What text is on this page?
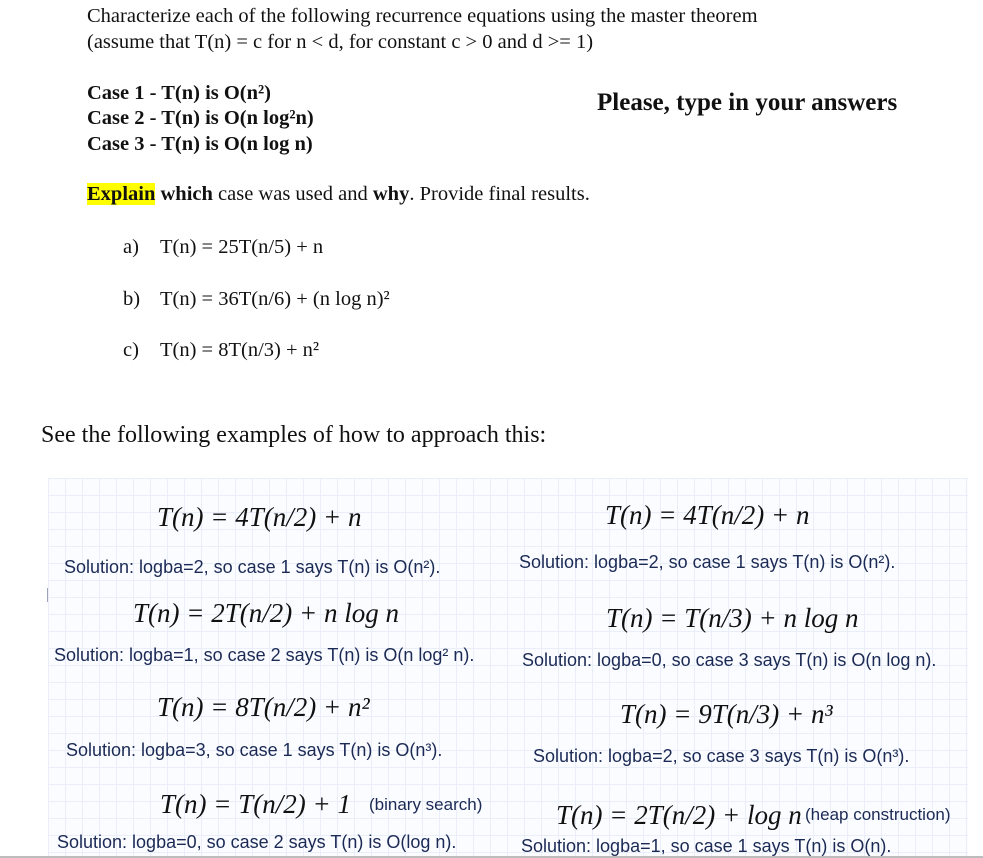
Characterize each of the following recurrence equations using the master theorem
(assume that T(n) = c for n < d, for constant c > 0 and d >= 1)
Case 1 - T(n) is O(n²)
Case 2 - T(n) is O(n log²n)
Case 3 - T(n) is O(n log n)
Please, type in your answers
Explain which case was used and why. Provide final results.
a) T(n) = 25T(n/5) + n
b) T(n) = 36T(n/6) + (n log n)²
c) T(n) = 8T(n/3) + n²
See the following examples of how to approach this:
T(n) = 4T(n/2) + n
Solution: logba=2, so case 1 says T(n) is O(n²).
T(n) = 4T(n/2) + n
Solution: logba=2, so case 1 says T(n) is O(n²).
T(n) = 2T(n/2) + n log n
Solution: logba=1, so case 2 says T(n) is O(n log² n).
T(n) = T(n/3) + n log n
Solution: logba=0, so case 3 says T(n) is O(n log n).
T(n) = 8T(n/2) + n²
Solution: logba=3, so case 1 says T(n) is O(n³).
T(n) = 9T(n/3) + n³
Solution: logba=2, so case 3 says T(n) is O(n³).
T(n) = T(n/2) + 1 (binary search)
Solution: logba=0, so case 2 says T(n) is O(log n).
T(n) = 2T(n/2) + log n (heap construction)
Solution: logba=1, so case 1 says T(n) is O(n).
